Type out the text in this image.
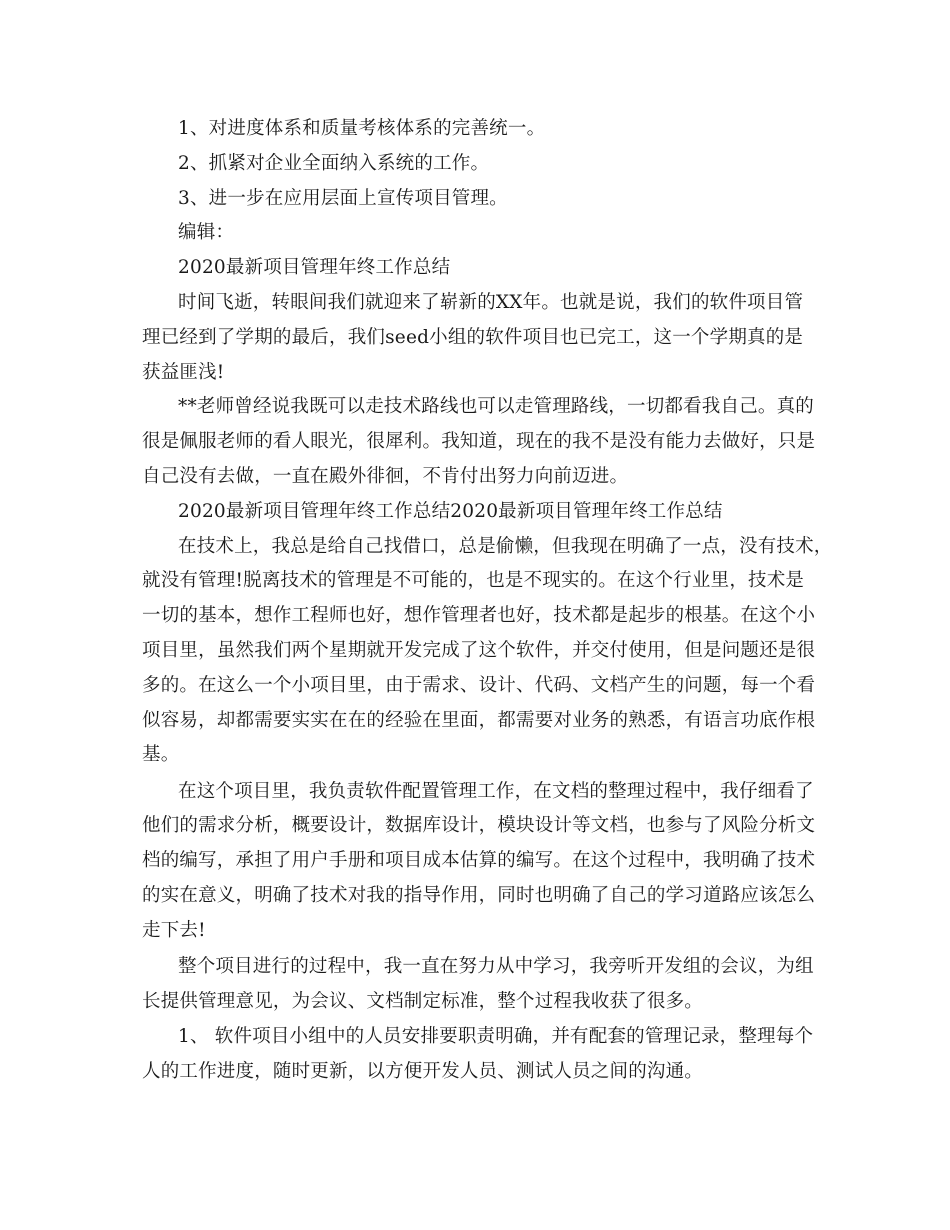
1、对进度体系和质量考核体系的完善统一。
2、抓紧对企业全面纳入系统的工作。
3、进一步在应用层面上宣传项目管理。
编辑：
2020最新项目管理年终工作总结
时间飞逝，转眼间我们就迎来了崭新的XX年。也就是说，我们的软件项目管
理已经到了学期的最后，我们seed小组的软件项目也已完工，这一个学期真的是
获益匪浅!
**老师曾经说我既可以走技术路线也可以走管理路线，一切都看我自己。真的
很是佩服老师的看人眼光，很犀利。我知道，现在的我不是没有能力去做好，只是
自己没有去做，一直在殿外徘徊，不肯付出努力向前迈进。
2020最新项目管理年终工作总结2020最新项目管理年终工作总结
在技术上，我总是给自己找借口，总是偷懒，但我现在明确了一点，没有技术，
就没有管理!脱离技术的管理是不可能的，也是不现实的。在这个行业里，技术是
一切的基本，想作工程师也好，想作管理者也好，技术都是起步的根基。在这个小
项目里，虽然我们两个星期就开发完成了这个软件，并交付使用，但是问题还是很
多的。在这么一个小项目里，由于需求、设计、代码、文档产生的问题，每一个看
似容易，却都需要实实在在的经验在里面，都需要对业务的熟悉，有语言功底作根
基。
在这个项目里，我负责软件配置管理工作，在文档的整理过程中，我仔细看了
他们的需求分析，概要设计，数据库设计，模块设计等文档，也参与了风险分析文
档的编写，承担了用户手册和项目成本估算的编写。在这个过程中，我明确了技术
的实在意义，明确了技术对我的指导作用，同时也明确了自己的学习道路应该怎么
走下去!
整个项目进行的过程中，我一直在努力从中学习，我旁听开发组的会议，为组
长提供管理意见，为会议、文档制定标准，整个过程我收获了很多。
1、 软件项目小组中的人员安排要职责明确，并有配套的管理记录，整理每个
人的工作进度，随时更新，以方便开发人员、测试人员之间的沟通。
